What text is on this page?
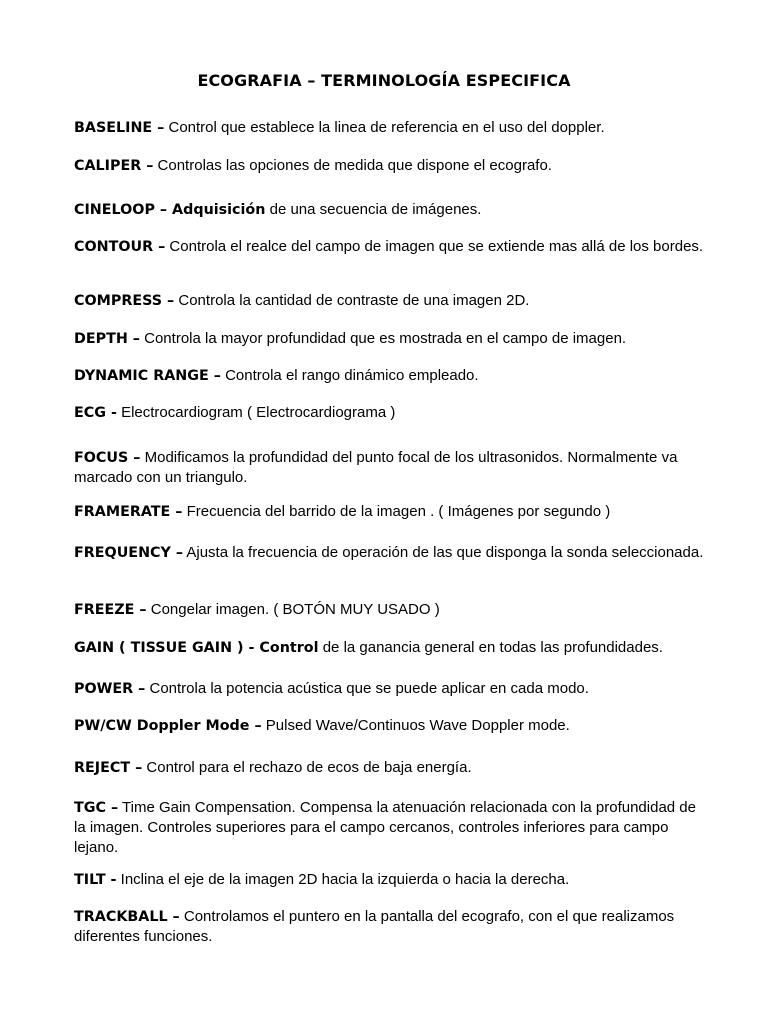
ECOGRAFIA – TERMINOLOGÍA ESPECIFICA
BASELINE – Control que establece la linea de referencia en el uso del doppler.
CALIPER – Controlas las opciones de medida que dispone el ecografo.
CINELOOP – Adquisición de una secuencia de imágenes.
CONTOUR – Controla el realce del campo de imagen que se extiende mas allá de los bordes.
COMPRESS – Controla la cantidad de contraste de una imagen 2D.
DEPTH – Controla la mayor profundidad que es mostrada en el campo de imagen.
DYNAMIC RANGE – Controla el rango dinámico empleado.
ECG - Electrocardiogram ( Electrocardiograma )
FOCUS – Modificamos la profundidad del punto focal de los ultrasonidos. Normalmente va marcado con un triangulo.
FRAMERATE – Frecuencia del barrido de la imagen . ( Imágenes por segundo )
FREQUENCY – Ajusta la frecuencia de operación de las que disponga la sonda seleccionada.
FREEZE – Congelar imagen. ( BOTÓN MUY USADO )
GAIN ( TISSUE GAIN ) - Control de la ganancia general en todas las profundidades.
POWER – Controla la potencia acústica que se puede aplicar en cada modo.
PW/CW Doppler Mode – Pulsed Wave/Continuos Wave Doppler mode.
REJECT – Control para el rechazo de ecos de baja energía.
TGC – Time Gain Compensation. Compensa la atenuación relacionada con la profundidad de la imagen. Controles superiores para el campo cercanos, controles inferiores para campo lejano.
TILT - Inclina el eje de la imagen 2D hacia la izquierda o hacia la derecha.
TRACKBALL – Controlamos el puntero en la pantalla del ecografo, con el que realizamos diferentes funciones.
